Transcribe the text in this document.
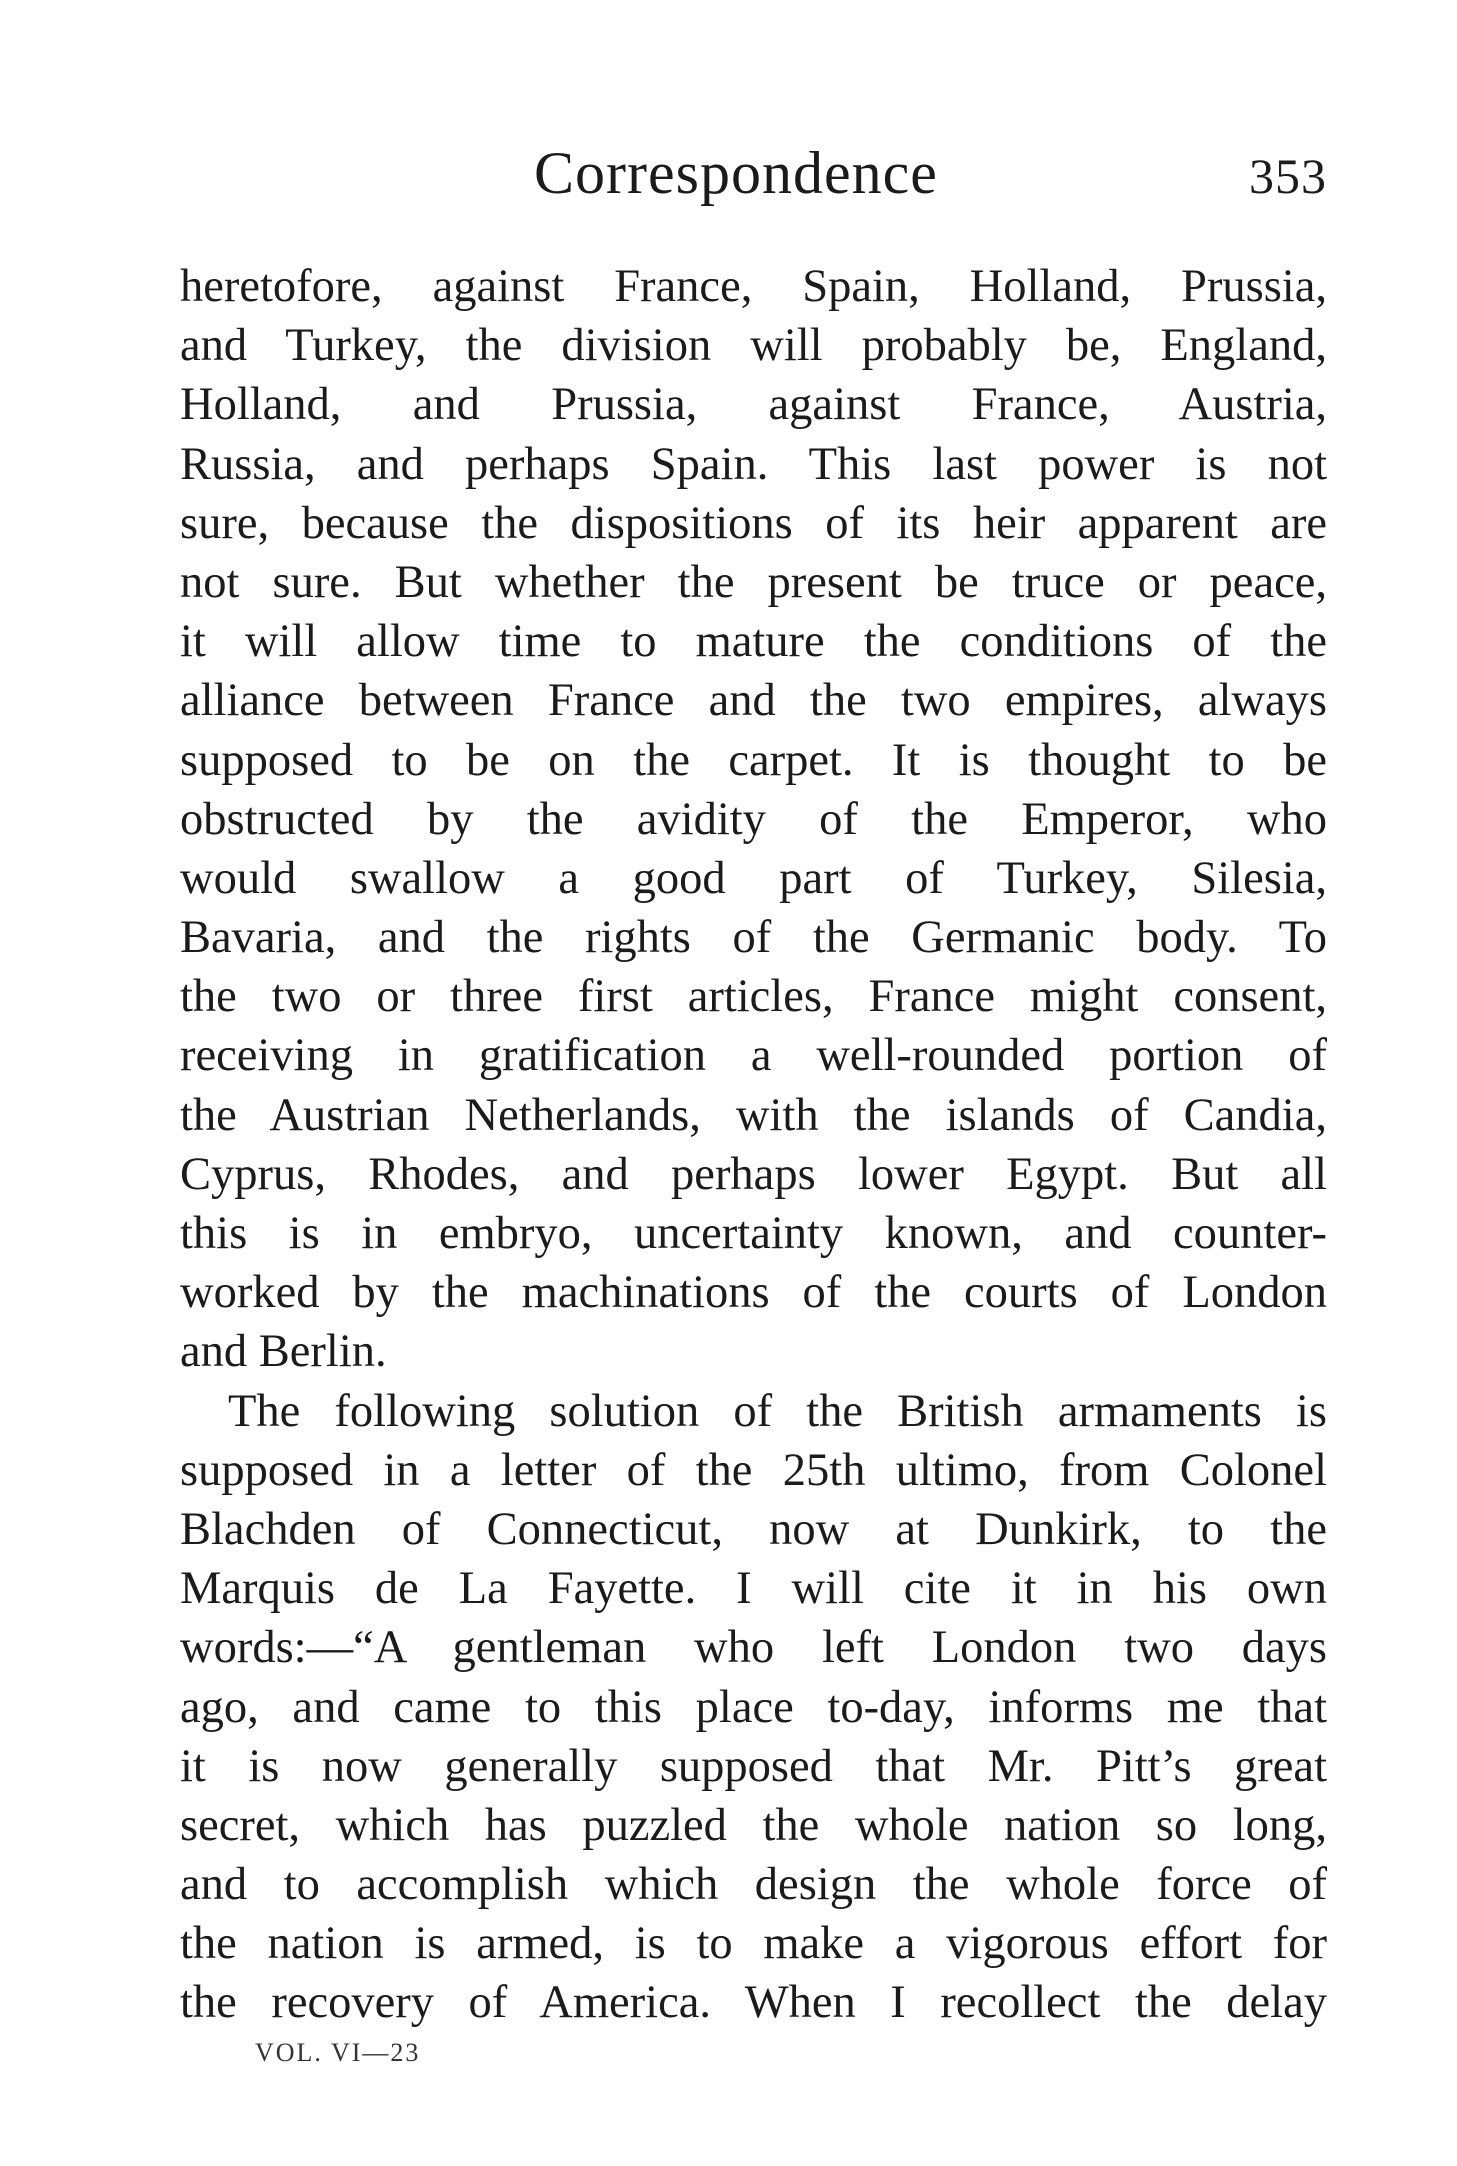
Correspondence	353
heretofore, against France, Spain, Holland, Prussia,
and Turkey, the division will probably be, England,
Holland, and Prussia, against France, Austria,
Russia, and perhaps Spain. This last power is not
sure, because the dispositions of its heir apparent are
not sure. But whether the present be truce or peace,
it will allow time to mature the conditions of the
alliance between France and the two empires, always
supposed to be on the carpet. It is thought to be
obstructed by the avidity of the Emperor, who
would swallow a good part of Turkey, Silesia,
Bavaria, and the rights of the Germanic body. To
the two or three first articles, France might consent,
receiving in gratification a well-rounded portion of
the Austrian Netherlands, with the islands of Candia,
Cyprus, Rhodes, and perhaps lower Egypt. But all
this is in embryo, uncertainty known, and counter-
worked by the machinations of the courts of London
and Berlin.
The following solution of the British armaments is
supposed in a letter of the 25th ultimo, from Colonel
Blachden of Connecticut, now at Dunkirk, to the
Marquis de La Fayette. I will cite it in his own
words:—“A gentleman who left London two days
ago, and came to this place to-day, informs me that
it is now generally supposed that Mr. Pitt’s great
secret, which has puzzled the whole nation so long,
and to accomplish which design the whole force of
the nation is armed, is to make a vigorous effort for
the recovery of America. When I recollect the delay
VOL. VI—23
